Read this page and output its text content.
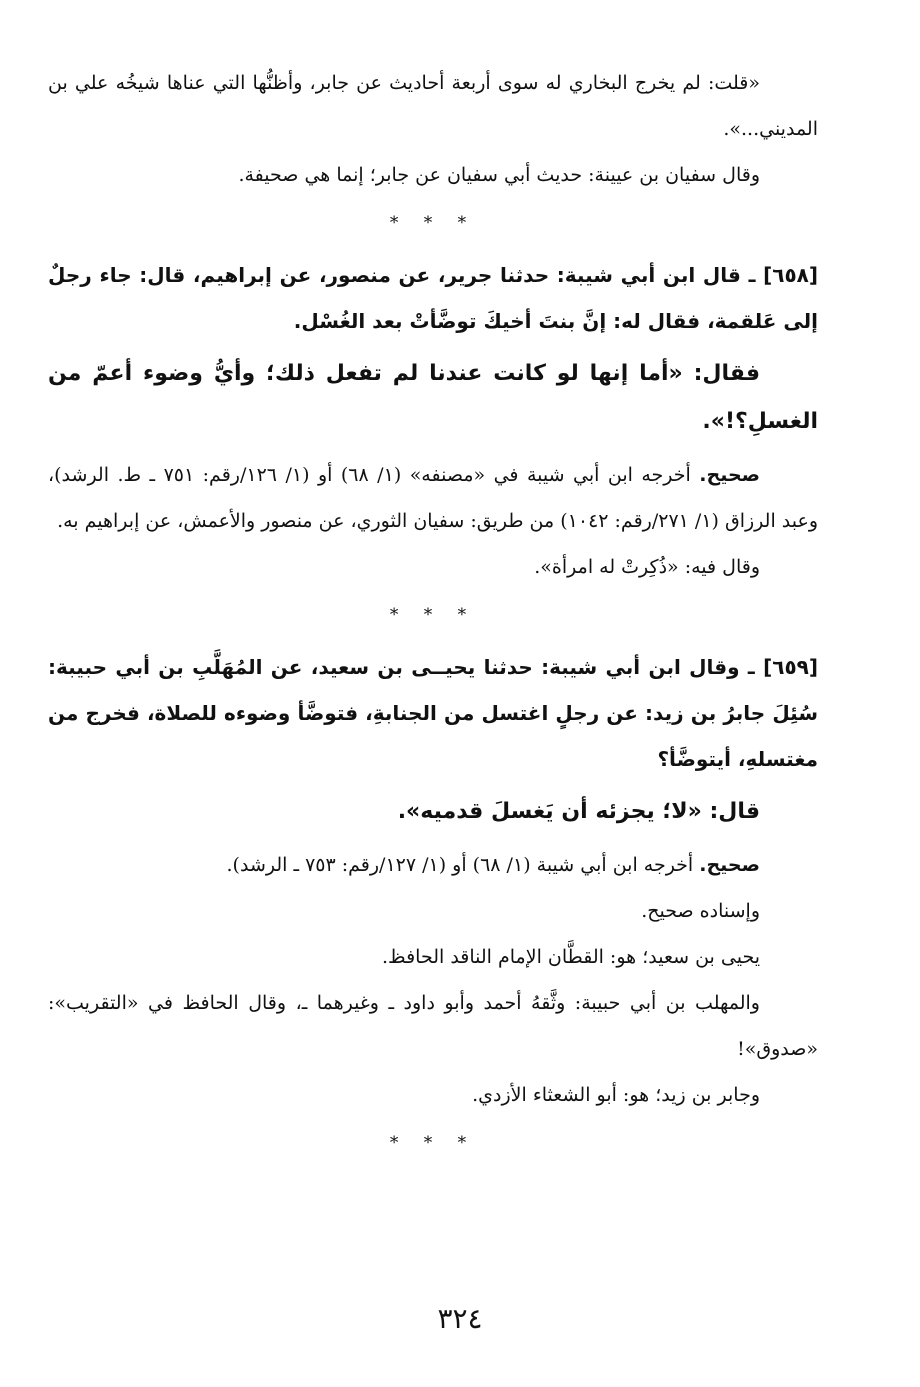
«قلت: لم يخرج البخاري له سوى أربعة أحاديث عن جابر، وأظنُّها التي عناها شيخُه علي بن المديني...».

وقال سفيان بن عيينة: حديث أبي سفيان عن جابر؛ إنما هي صحيفة.

* * *

[٦٥٨] ـ قال ابن أبي شيبة: حدثنا جرير، عن منصور، عن إبراهيم، قال: جاء رجلٌ إلى عَلقمة، فقال له: إنَّ بنتَ أخيكَ توضَّأتْ بعد الغُسْل.

فقال: «أما إنها لو كانت عندنا لم تفعل ذلك؛ وأيُّ وضوء أعمّ من الغسلِ؟!».

صحيح. أخرجه ابن أبي شيبة في «مصنفه» (١/ ٦٨) أو (١/ ١٢٦/رقم: ٧٥١ ـ ط. الرشد)، وعبد الرزاق (١/ ٢٧١/رقم: ١٠٤٢) من طريق: سفيان الثوري، عن منصور والأعمش، عن إبراهيم به.

وقال فيه: «ذُكِرتْ له امرأة».

* * *

[٦٥٩] ـ وقال ابن أبي شيبة: حدثنا يحيــى بن سعيد، عن المُهَلَّبِ بن أبي حبيبة: سُئِلَ جابرُ بن زيد: عن رجلٍ اغتسل من الجنابةِ، فتوضَّأ وضوءه للصلاة، فخرج من مغتسلهِ، أيتوضَّأ؟

قال: «لا؛ يجزئه أن يَغسلَ قدميه».

صحيح. أخرجه ابن أبي شيبة (١/ ٦٨) أو (١/ ١٢٧/رقم: ٧٥٣ ـ الرشد).

وإسناده صحيح.

يحيى بن سعيد؛ هو: القطَّان الإمام الناقد الحافظ.

والمهلب بن أبي حبيبة: وثَّقهُ أحمد وأبو داود ـ وغيرهما ـ، وقال الحافظ في «التقريب»: «صدوق»!

وجابر بن زيد؛ هو: أبو الشعثاء الأزدي.

* * *
٣٢٤
